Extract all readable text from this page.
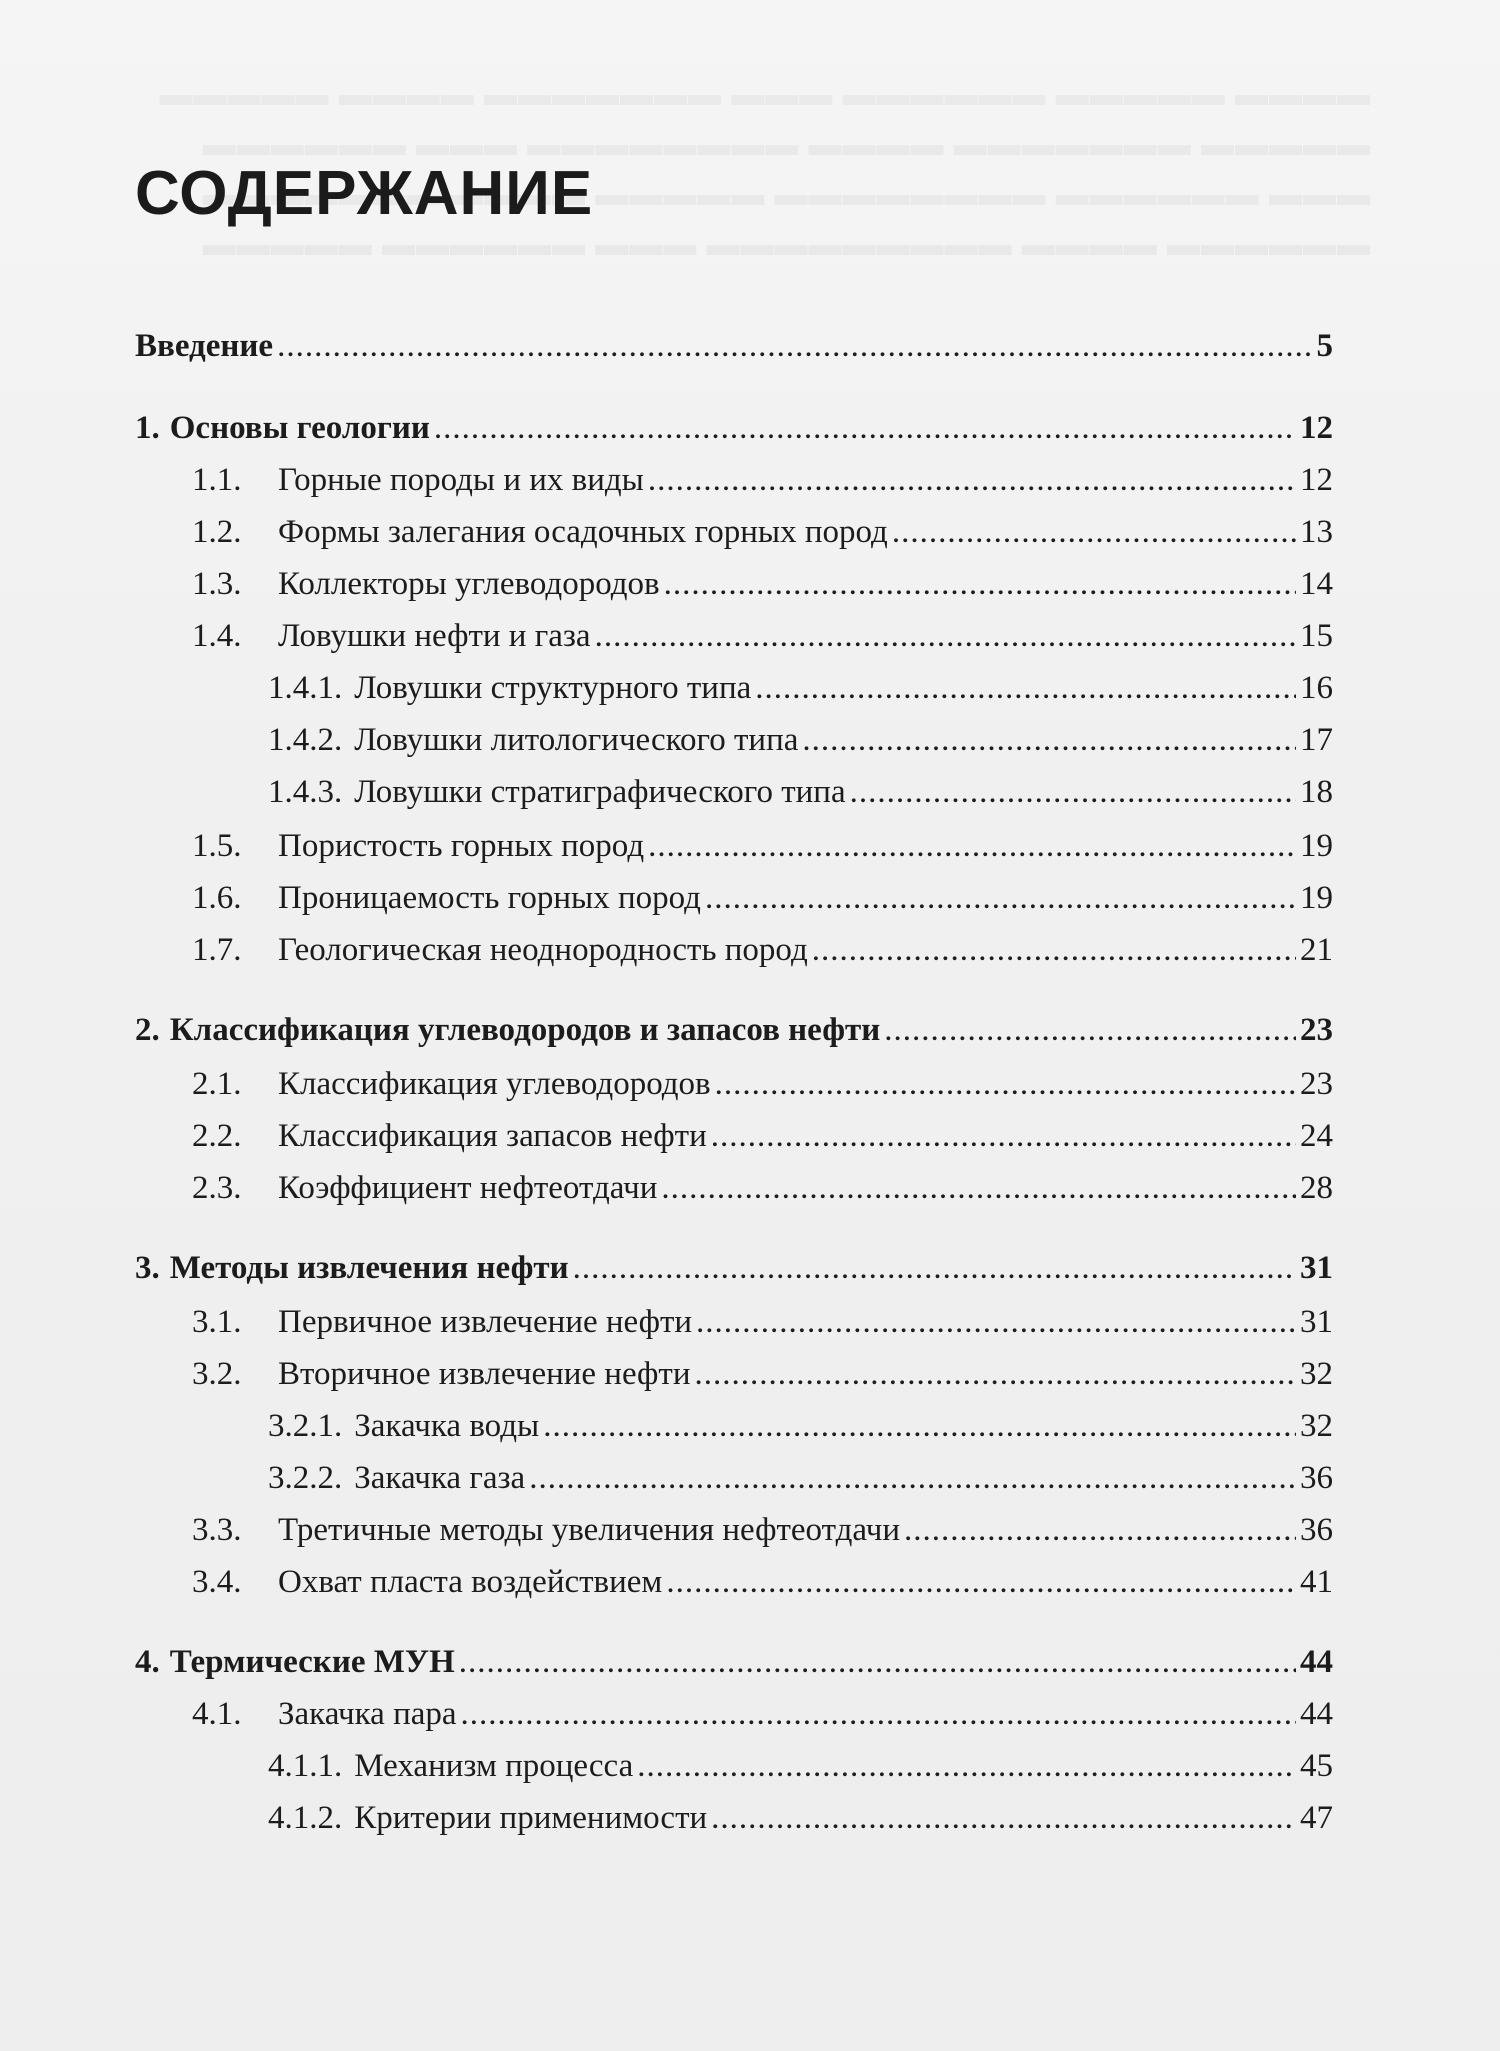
СОДЕРЖАНИЕ
Введение .....	5
1. Основы геологии .....	12
1.1.	Горные породы и их виды .....	12
1.2.	Формы залегания осадочных горных пород .....	13
1.3.	Коллекторы углеводородов .....	14
1.4.	Ловушки нефти и газа .....	15
1.4.1. Ловушки структурного типа .....	16
1.4.2. Ловушки литологического типа .....	17
1.4.3. Ловушки стратиграфического типа .....	18
1.5.	Пористость горных пород .....	19
1.6.	Проницаемость горных пород .....	19
1.7.	Геологическая неоднородность пород .....	21
2. Классификация углеводородов и запасов нефти .....	23
2.1.	Классификация углеводородов .....	23
2.2.	Классификация запасов нефти .....	24
2.3.	Коэффициент нефтеотдачи .....	28
3. Методы извлечения нефти .....	31
3.1.	Первичное извлечение нефти .....	31
3.2.	Вторичное извлечение нефти .....	32
3.2.1. Закачка воды .....	32
3.2.2. Закачка газа .....	36
3.3.	Третичные методы увеличения нефтеотдачи .....	36
3.4.	Охват пласта воздействием .....	41
4. Термические МУН .....	44
4.1.	Закачка пара .....	44
4.1.1. Механизм процесса .....	45
4.1.2. Критерии применимости .....	47
